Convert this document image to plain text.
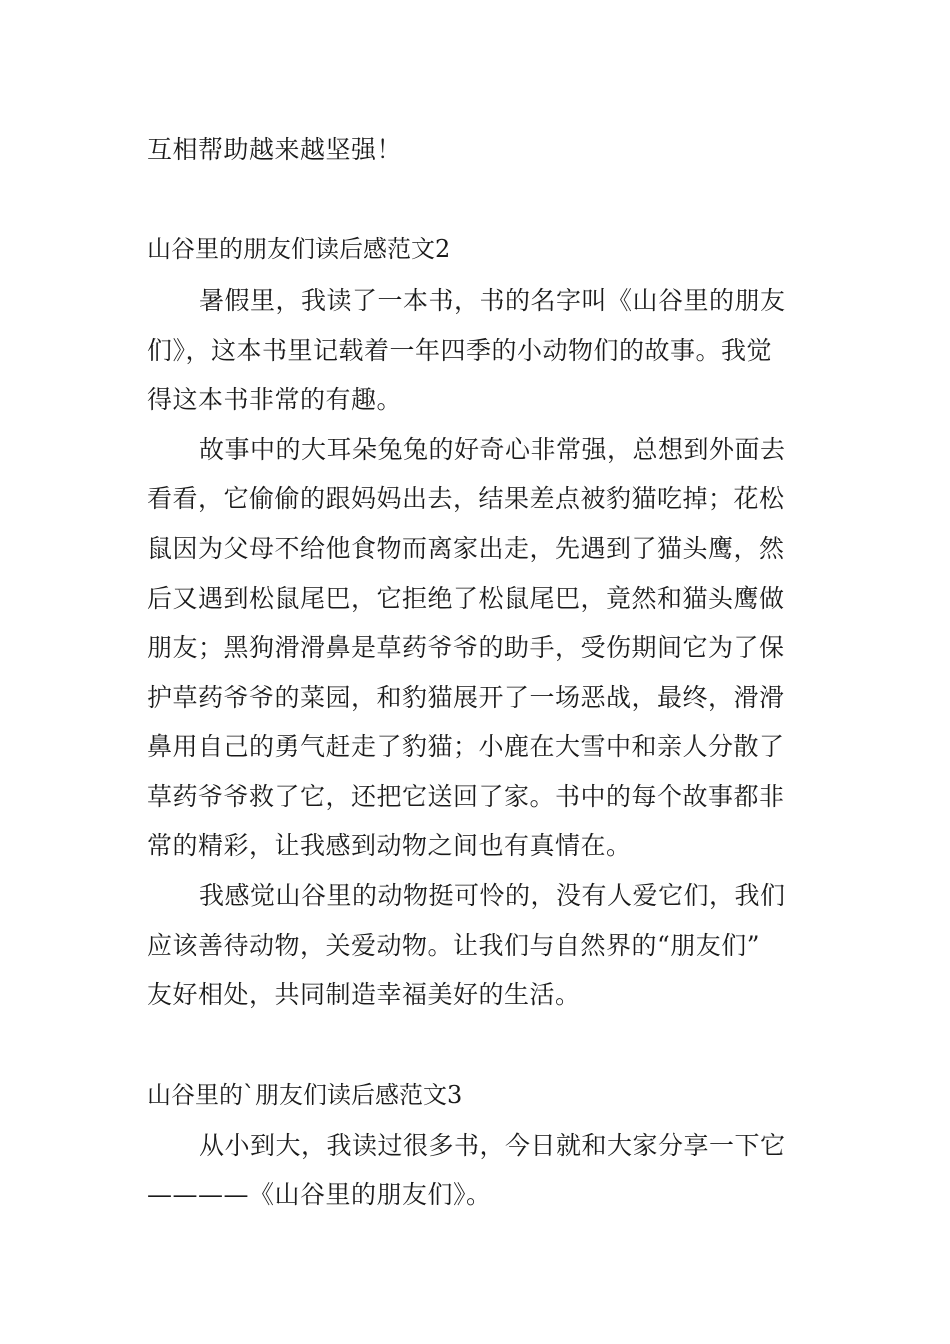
互相帮助越来越坚强！
山谷里的朋友们读后感范文2
暑假里，我读了一本书，书的名字叫《山谷里的朋友
们》，这本书里记载着一年四季的小动物们的故事。我觉
得这本书非常的有趣。
故事中的大耳朵兔兔的好奇心非常强，总想到外面去
看看，它偷偷的跟妈妈出去，结果差点被豹猫吃掉；花松
鼠因为父母不给他食物而离家出走，先遇到了猫头鹰，然
后又遇到松鼠尾巴，它拒绝了松鼠尾巴，竟然和猫头鹰做
朋友；黑狗滑滑鼻是草药爷爷的助手，受伤期间它为了保
护草药爷爷的菜园，和豹猫展开了一场恶战，最终，滑滑
鼻用自己的勇气赶走了豹猫；小鹿在大雪中和亲人分散了
草药爷爷救了它，还把它送回了家。书中的每个故事都非
常的精彩，让我感到动物之间也有真情在。
我感觉山谷里的动物挺可怜的，没有人爱它们，我们
应该善待动物，关爱动物。让我们与自然界的“朋友们”
友好相处，共同制造幸福美好的生活。
山谷里的`朋友们读后感范文3
从小到大，我读过很多书，今日就和大家分享一下它
————《山谷里的朋友们》。
